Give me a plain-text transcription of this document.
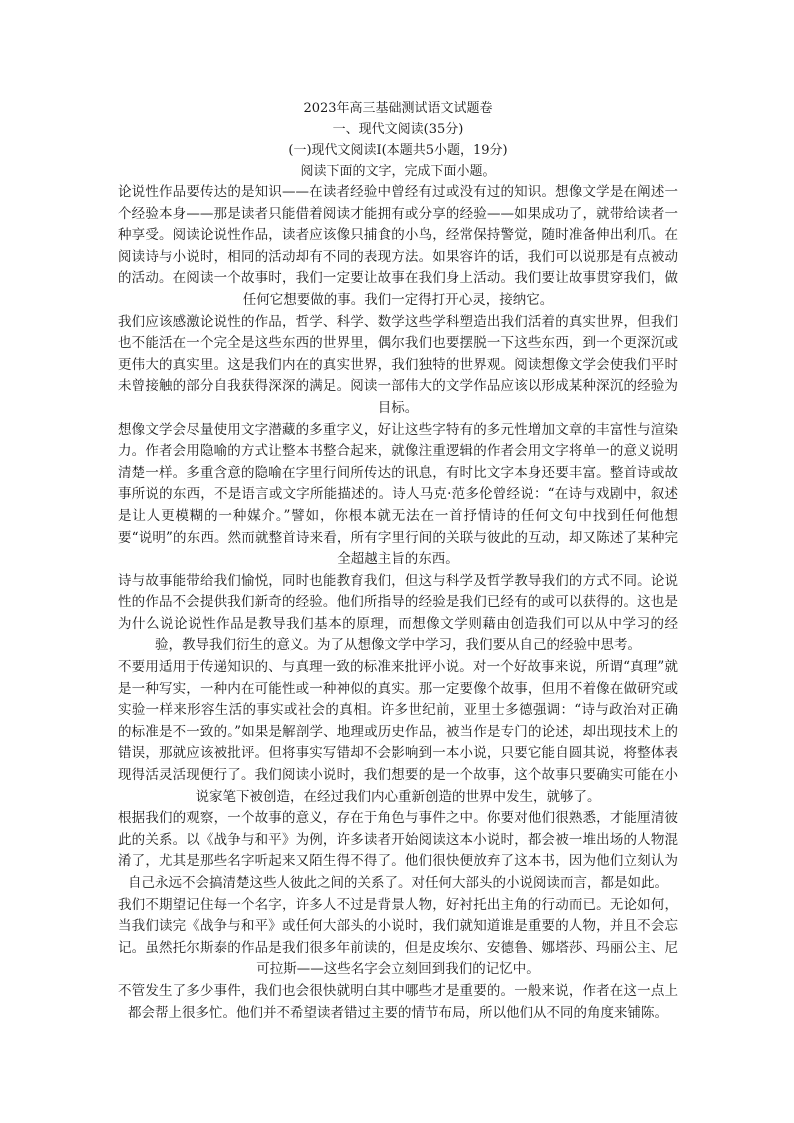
2023年高三基础测试语文试题卷

一、现代文阅读(35分)

(一)现代文阅读Ⅰ(本题共5小题，19分)

阅读下面的文字，完成下面小题。

论说性作品要传达的是知识——在读者经验中曾经有过或没有过的知识。想像文学是在阐述一个经验本身——那是读者只能借着阅读才能拥有或分享的经验——如果成功了，就带给读者一种享受。阅读论说性作品，读者应该像只捕食的小鸟，经常保持警觉，随时准备伸出利爪。在阅读诗与小说时，相同的活动却有不同的表现方法。如果容许的话，我们可以说那是有点被动的活动。在阅读一个故事时，我们一定要让故事在我们身上活动。我们要让故事贯穿我们，做任何它想要做的事。我们一定得打开心灵，接纳它。

我们应该感激论说性的作品，哲学、科学、数学这些学科塑造出我们活着的真实世界，但我们也不能活在一个完全是这些东西的世界里，偶尔我们也要摆脱一下这些东西，到一个更深沉或更伟大的真实里。这是我们内在的真实世界，我们独特的世界观。阅读想像文学会使我们平时未曾接触的部分自我获得深深的满足。阅读一部伟大的文学作品应该以形成某种深沉的经验为目标。

想像文学会尽量使用文字潜藏的多重字义，好让这些字特有的多元性增加文章的丰富性与渲染力。作者会用隐喻的方式让整本书整合起来，就像注重逻辑的作者会用文字将单一的意义说明清楚一样。多重含意的隐喻在字里行间所传达的讯息，有时比文字本身还要丰富。整首诗或故事所说的东西，不是语言或文字所能描述的。诗人马克·范多伦曾经说：“在诗与戏剧中，叙述是让人更模糊的一种媒介。”譬如，你根本就无法在一首抒情诗的任何文句中找到任何他想要“说明”的东西。然而就整首诗来看，所有字里行间的关联与彼此的互动，却又陈述了某种完全超越主旨的东西。

诗与故事能带给我们愉悦，同时也能教育我们，但这与科学及哲学教导我们的方式不同。论说性的作品不会提供我们新奇的经验。他们所指导的经验是我们已经有的或可以获得的。这也是为什么说论说性作品是教导我们基本的原理，而想像文学则藉由创造我们可以从中学习的经验，教导我们衍生的意义。为了从想像文学中学习，我们要从自己的经验中思考。

不要用适用于传递知识的、与真理一致的标准来批评小说。对一个好故事来说，所谓“真理”就是一种写实，一种内在可能性或一种神似的真实。那一定要像个故事，但用不着像在做研究或实验一样来形容生活的事实或社会的真相。许多世纪前，亚里士多德强调：“诗与政治对正确的标准是不一致的。”如果是解剖学、地理或历史作品，被当作是专门的论述，却出现技术上的错误，那就应该被批评。但将事实写错却不会影响到一本小说，只要它能自圆其说，将整体表现得活灵活现便行了。我们阅读小说时，我们想要的是一个故事，这个故事只要确实可能在小说家笔下被创造，在经过我们内心重新创造的世界中发生，就够了。

根据我们的观察，一个故事的意义，存在于角色与事件之中。你要对他们很熟悉，才能厘清彼此的关系。以《战争与和平》为例，许多读者开始阅读这本小说时，都会被一堆出场的人物混淆了，尤其是那些名字听起来又陌生得不得了。他们很快便放弃了这本书，因为他们立刻认为自己永远不会搞清楚这些人彼此之间的关系了。对任何大部头的小说阅读而言，都是如此。

我们不期望记住每一个名字，许多人不过是背景人物，好衬托出主角的行动而已。无论如何，当我们读完《战争与和平》或任何大部头的小说时，我们就知道谁是重要的人物，并且不会忘记。虽然托尔斯泰的作品是我们很多年前读的，但是皮埃尔、安德鲁、娜塔莎、玛丽公主、尼可拉斯——这些名字会立刻回到我们的记忆中。

不管发生了多少事件，我们也会很快就明白其中哪些才是重要的。一般来说，作者在这一点上都会帮上很多忙。他们并不希望读者错过主要的情节布局，所以他们从不同的角度来铺陈。
